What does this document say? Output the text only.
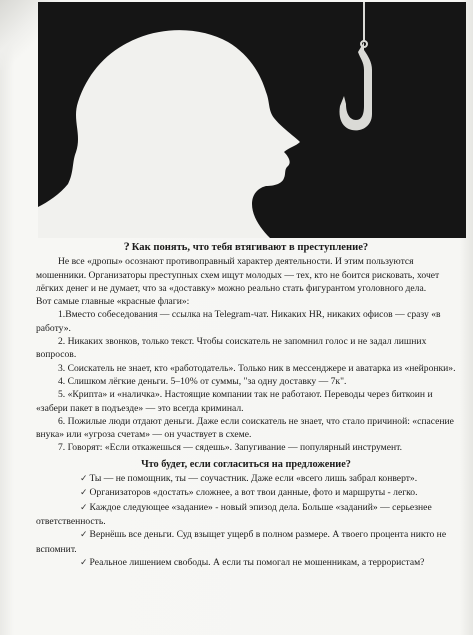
? Как понять, что тебя втягивают в преступление?

Не все «дропы» осознают противоправный характер деятельности. И этим пользуются мошенники. Организаторы преступных схем ищут молодых — тех, кто не боится рисковать, хочет лёгких денег и не думает, что за «доставку» можно реально стать фигурантом уголовного дела.

Вот самые главные «красные флаги»:

1.Вместо собеседования — ссылка на Telegram-чат. Никаких HR, никаких офисов — сразу «в работу».

2. Никаких звонков, только текст. Чтобы соискатель не запомнил голос и не задал лишних вопросов.

3. Соискатель не знает, кто «работодатель». Только ник в мессенджере и аватарка из «нейронки».

4. Слишком лёгкие деньги. 5–10% от суммы, "за одну доставку — 7к".

5. «Крипта» и «наличка». Настоящие компании так не работают. Переводы через биткоин и «забери пакет в подъезде» — это всегда криминал.

6. Пожилые люди отдают деньги. Даже если соискатель не знает, что стало причиной: «спасение внука» или «угроза счетам» — он участвует в схеме.

7. Говорят: «Если откажешься — сядешь». Запугивание — популярный инструмент.

Что будет, если согласиться на предложение?

✓ Ты — не помощник, ты — соучастник. Даже если «всего лишь забрал конверт».

✓ Организаторов «достать» сложнее, а вот твои данные, фото и маршруты - легко.

✓ Каждое следующее «задание» - новый эпизод дела. Больше «заданий» — серьезнее ответственность.

✓ Вернёшь все деньги. Суд взыщет ущерб в полном размере. А твоего процента никто не вспомнит.

✓ Реальное лишением свободы. А если ты помогал не мошенникам, а террористам?
